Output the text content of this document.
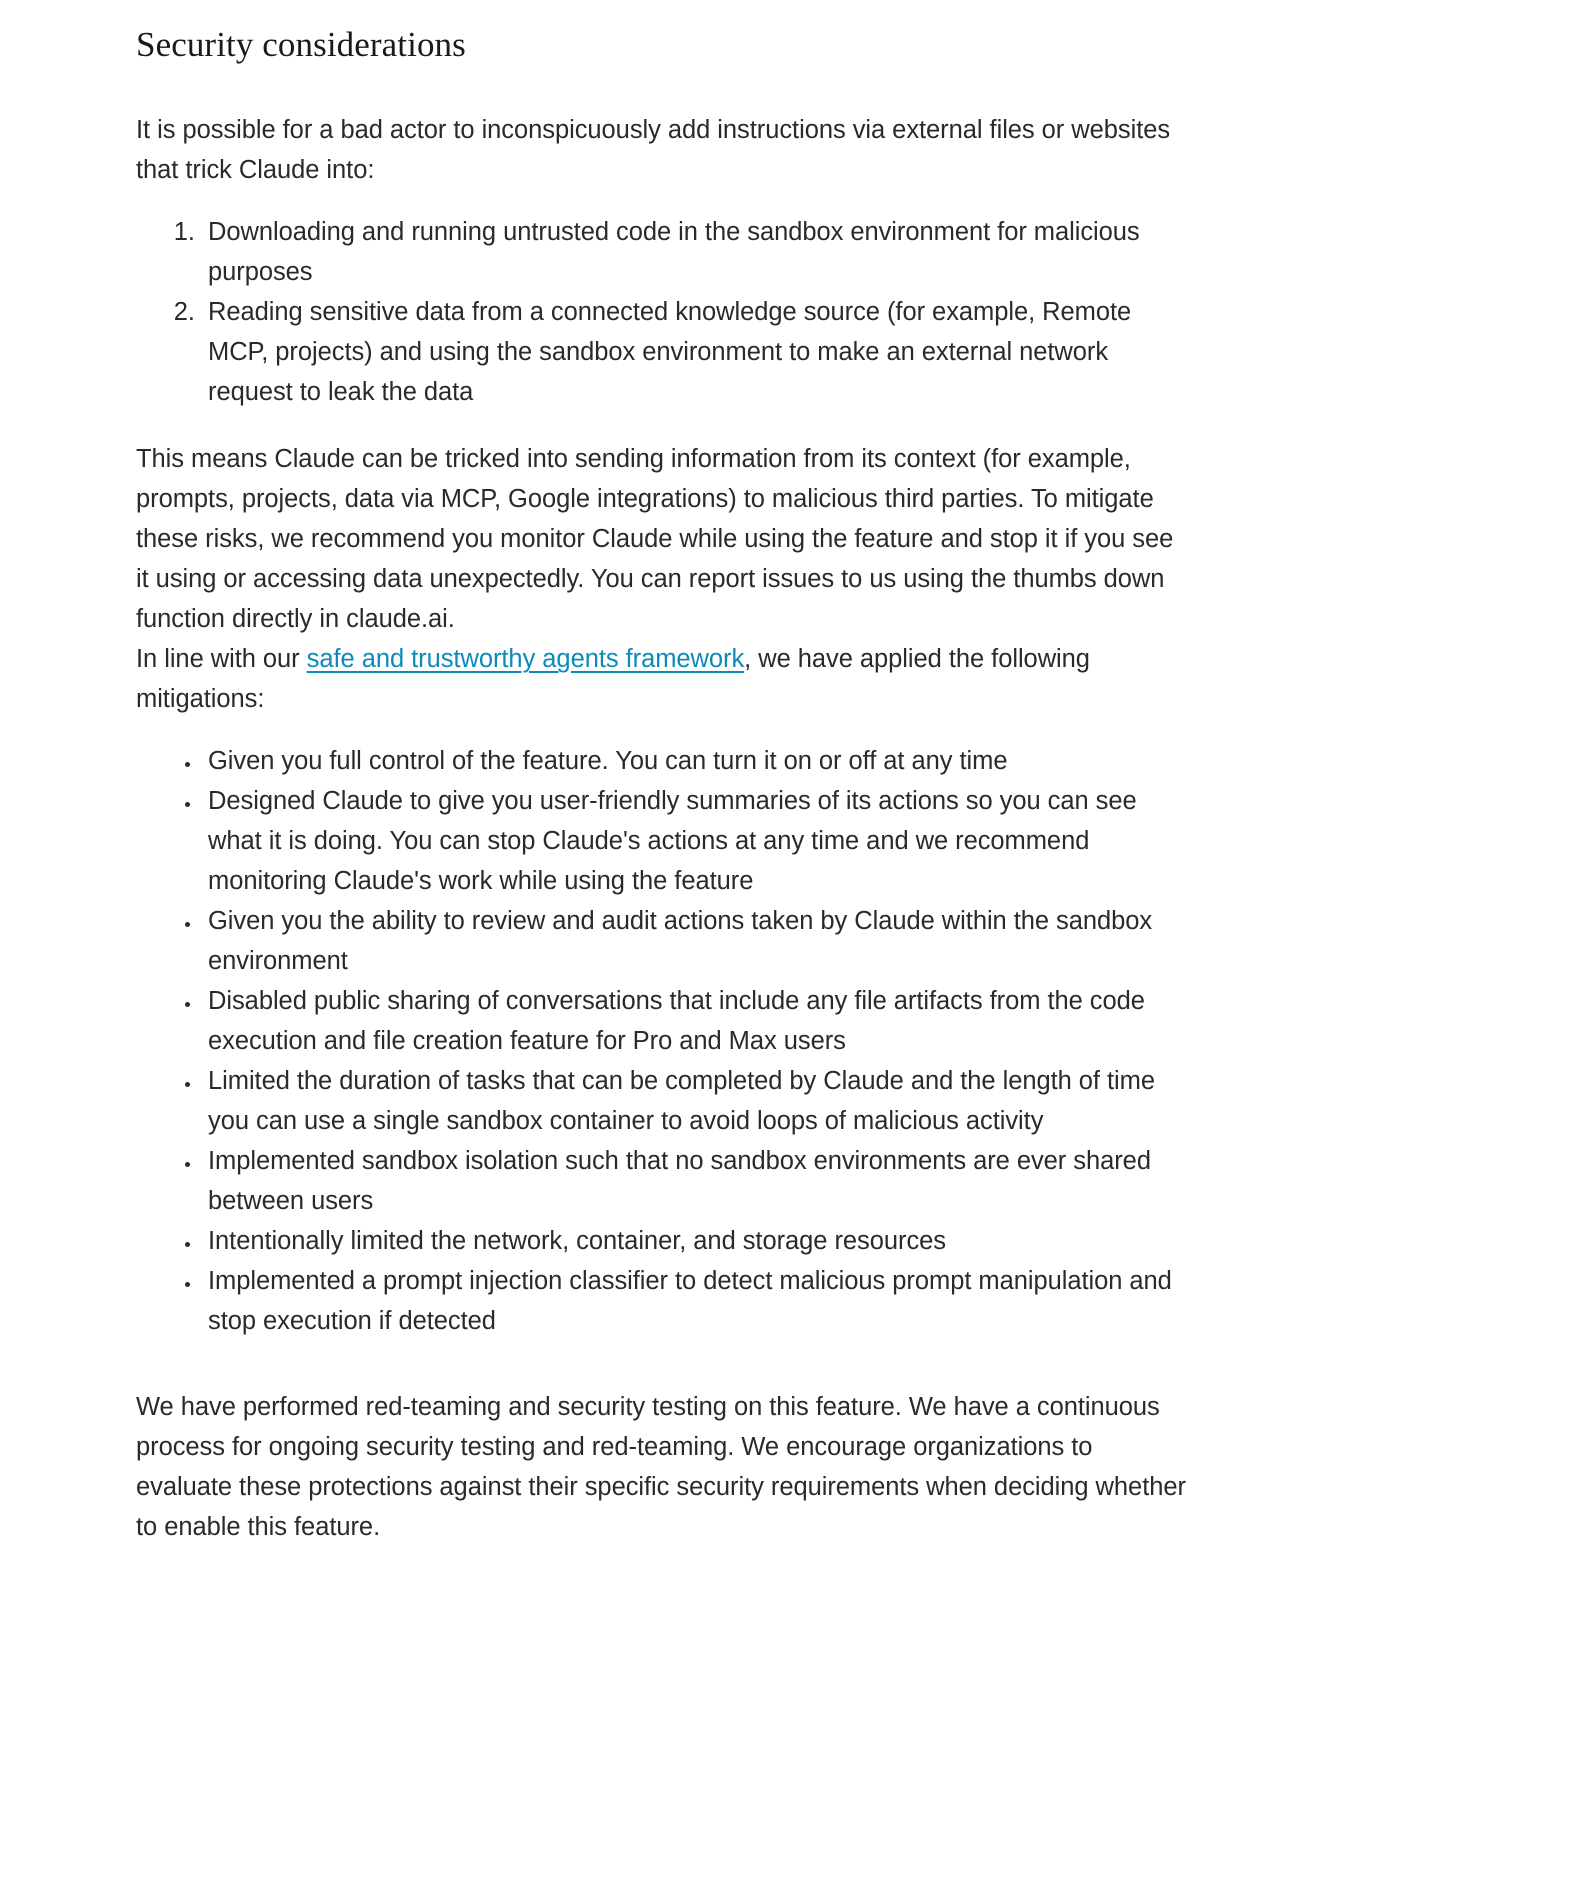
Security considerations

It is possible for a bad actor to inconspicuously add instructions via external files or websites that trick Claude into:

1. Downloading and running untrusted code in the sandbox environment for malicious purposes
2. Reading sensitive data from a connected knowledge source (for example, Remote MCP, projects) and using the sandbox environment to make an external network request to leak the data

This means Claude can be tricked into sending information from its context (for example, prompts, projects, data via MCP, Google integrations) to malicious third parties. To mitigate these risks, we recommend you monitor Claude while using the feature and stop it if you see it using or accessing data unexpectedly. You can report issues to us using the thumbs down function directly in claude.ai.

In line with our safe and trustworthy agents framework, we have applied the following mitigations:

• Given you full control of the feature. You can turn it on or off at any time
• Designed Claude to give you user-friendly summaries of its actions so you can see what it is doing. You can stop Claude's actions at any time and we recommend monitoring Claude's work while using the feature
• Given you the ability to review and audit actions taken by Claude within the sandbox environment
• Disabled public sharing of conversations that include any file artifacts from the code execution and file creation feature for Pro and Max users
• Limited the duration of tasks that can be completed by Claude and the length of time you can use a single sandbox container to avoid loops of malicious activity
• Implemented sandbox isolation such that no sandbox environments are ever shared between users
• Intentionally limited the network, container, and storage resources
• Implemented a prompt injection classifier to detect malicious prompt manipulation and stop execution if detected

We have performed red-teaming and security testing on this feature. We have a continuous process for ongoing security testing and red-teaming. We encourage organizations to evaluate these protections against their specific security requirements when deciding whether to enable this feature.
